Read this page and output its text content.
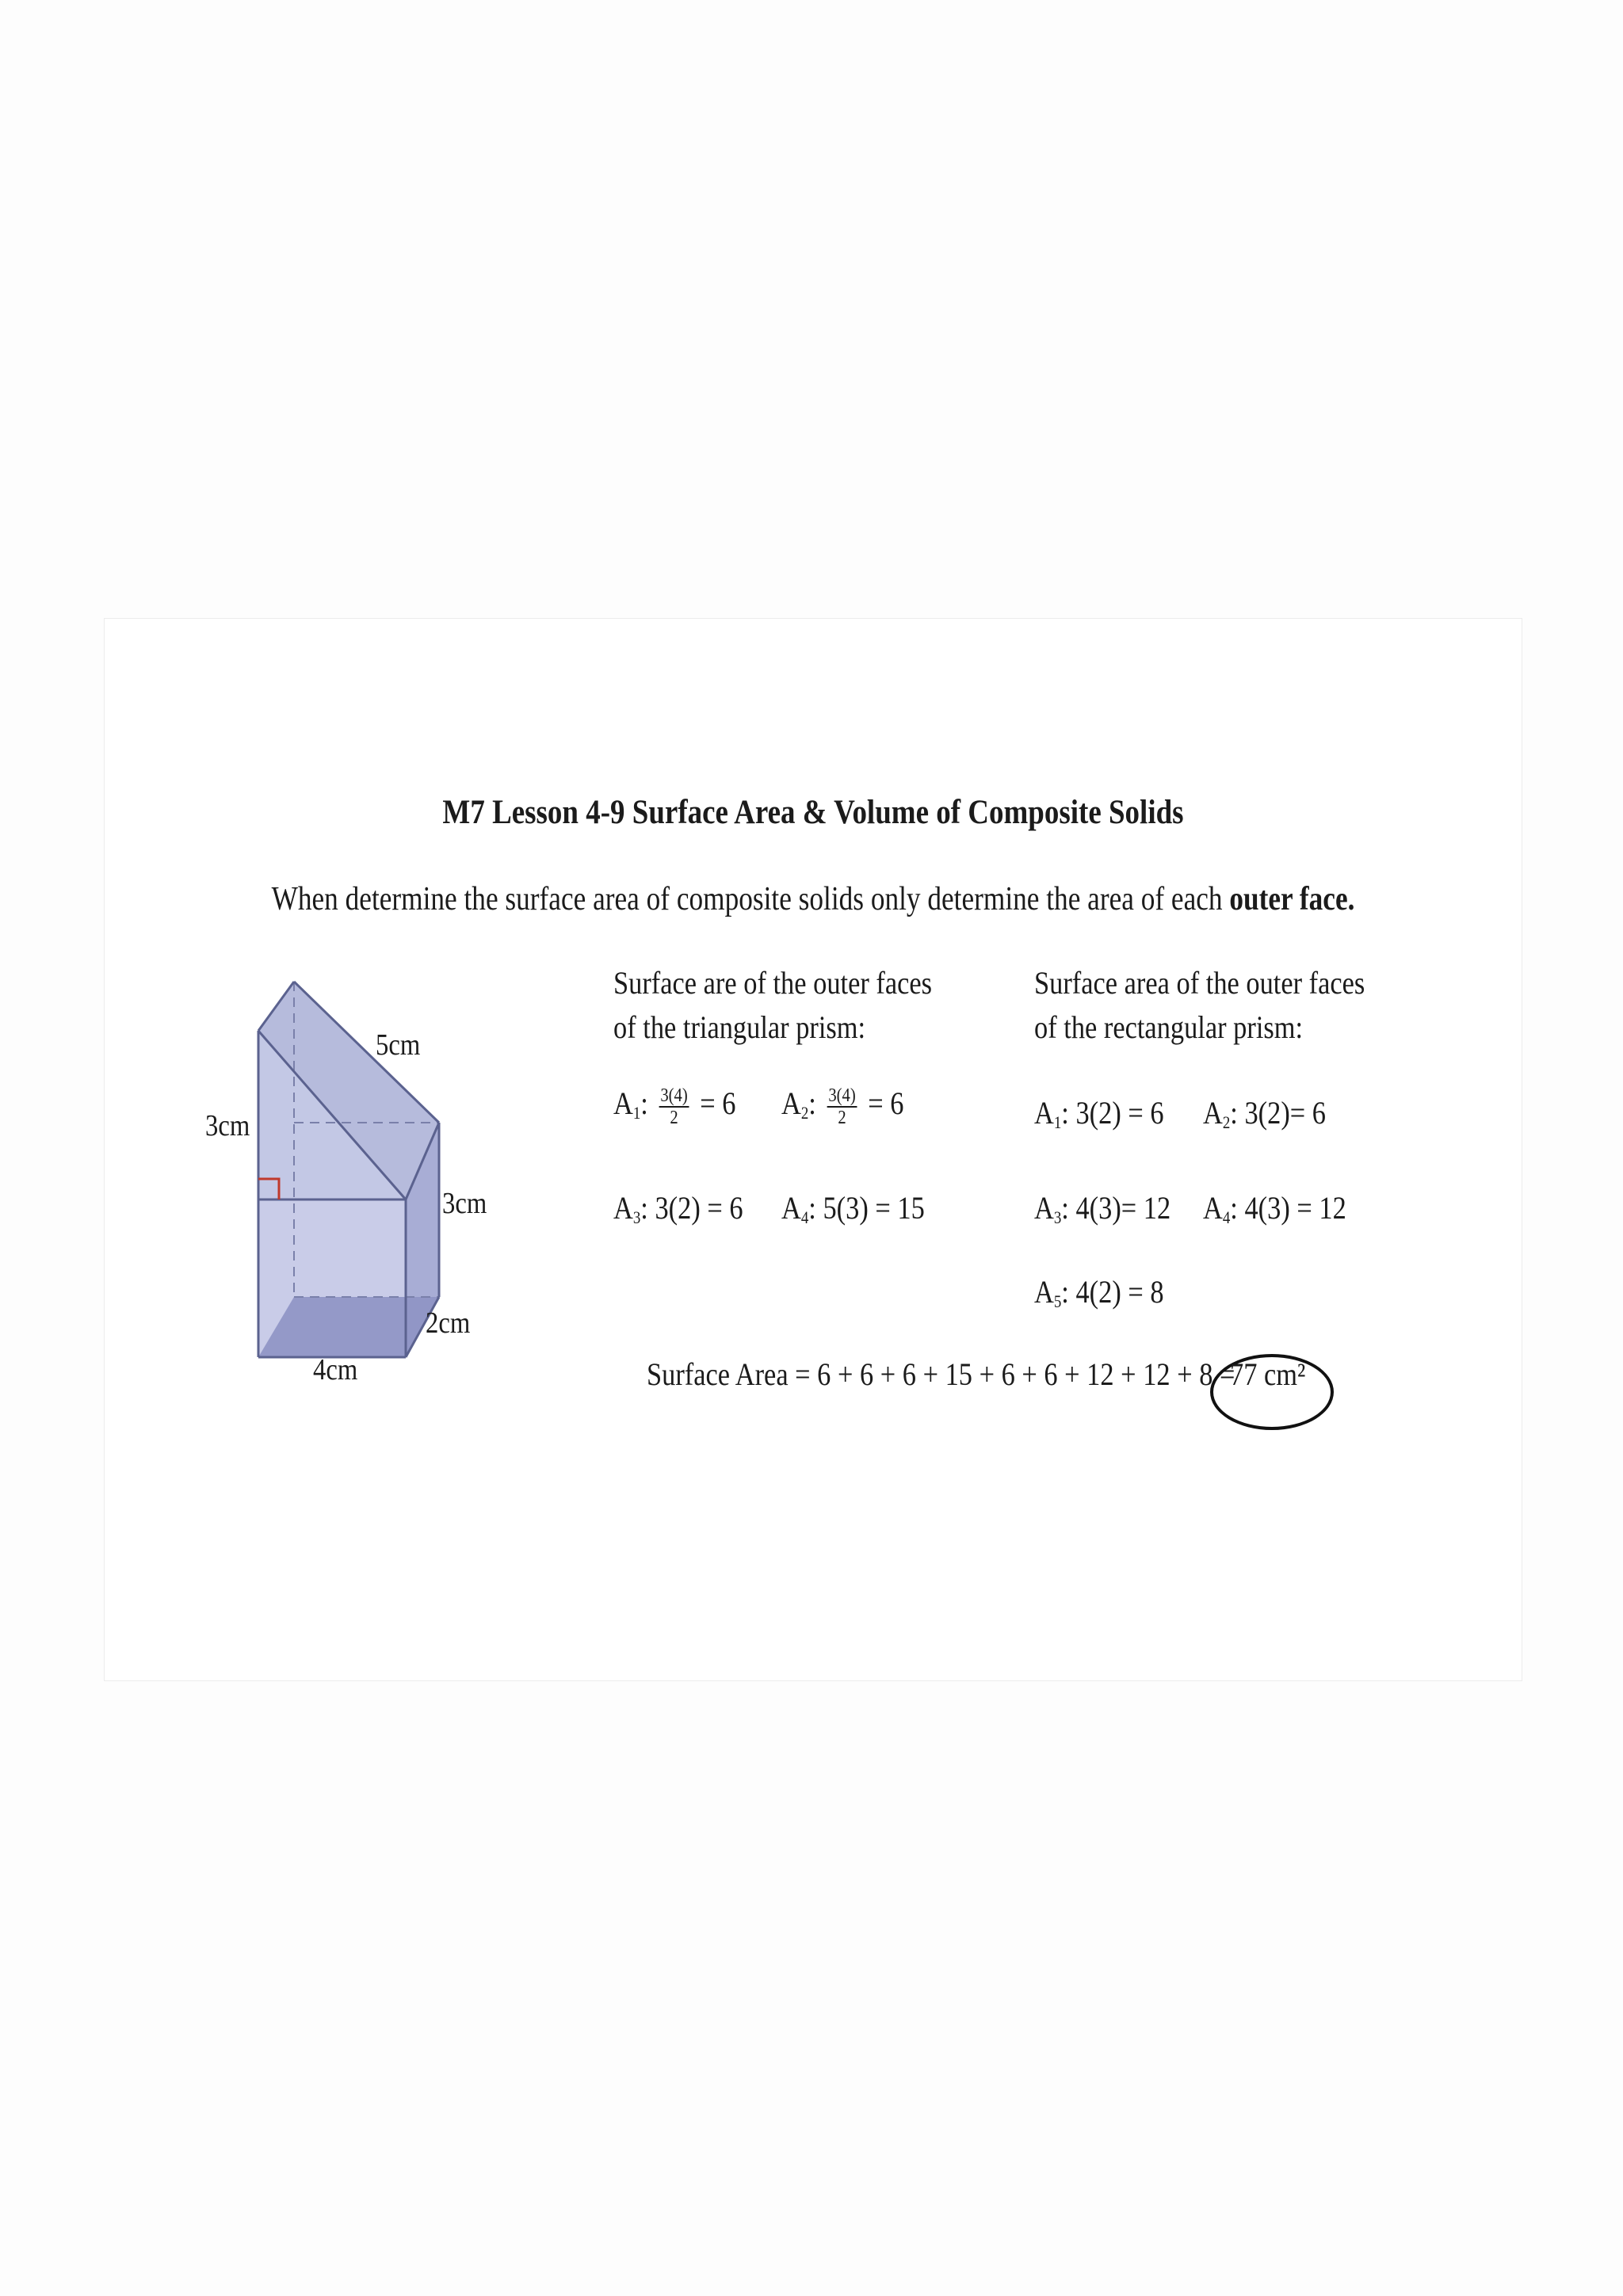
M7 Lesson 4-9 Surface Area & Volume of Composite Solids
When determine the surface area of composite solids only determine the area of each outer face.
5cm
3cm
3cm
2cm
4cm
Surface are of the outer faces
of the triangular prism:
$A_1$: $\frac{3(4)}{2} = 6$ $A_2$: $\frac{3(4)}{2} = 6$
$A_3$: 3(2) = 6 $A_4$: 5(3) = 15
Surface area of the outer faces
of the rectangular prism:
$A_1$: 3(2) = 6 $A_2$: 3(2)= 6
$A_3$: 4(3)= 12 $A_4$: 4(3) = 12
$A_5$: 4(2) = 8
Surface Area = 6 + 6 + 6 + 15 + 6 + 6 + 12 + 12 + 8 =
77 cm²
